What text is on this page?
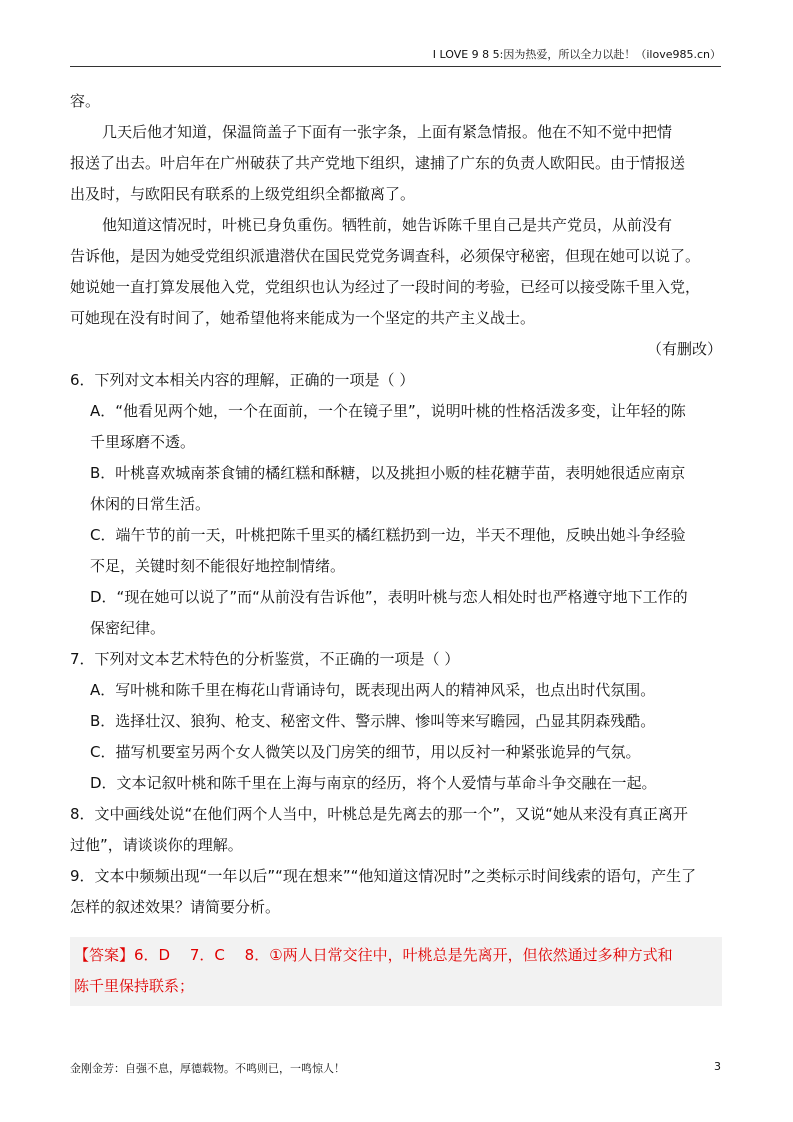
I LOVE 9 8 5:因为热爱，所以全力以赴！（ilove985.cn）

容。

几天后他才知道，保温筒盖子下面有一张字条，上面有紧急情报。他在不知不觉中把情

报送了出去。叶启年在广州破获了共产党地下组织，逮捕了广东的负责人欧阳民。由于情报送

出及时，与欧阳民有联系的上级党组织全都撤离了。

他知道这情况时，叶桃已身负重伤。牺牲前，她告诉陈千里自己是共产党员，从前没有

告诉他，是因为她受党组织派遣潜伏在国民党党务调查科，必须保守秘密，但现在她可以说了。

她说她一直打算发展他入党，党组织也认为经过了一段时间的考验，已经可以接受陈千里入党，

可她现在没有时间了，她希望他将来能成为一个坚定的共产主义战士。

（有删改）

6．下列对文本相关内容的理解，正确的一项是（ ）

A．“他看见两个她，一个在面前，一个在镜子里”，说明叶桃的性格活泼多变，让年轻的陈

千里琢磨不透。

B．叶桃喜欢城南茶食铺的橘红糕和酥糖，以及挑担小贩的桂花糖芋苗，表明她很适应南京

休闲的日常生活。

C．端午节的前一天，叶桃把陈千里买的橘红糕扔到一边，半天不理他，反映出她斗争经验

不足，关键时刻不能很好地控制情绪。

D．“现在她可以说了”而“从前没有告诉他”，表明叶桃与恋人相处时也严格遵守地下工作的

保密纪律。

7．下列对文本艺术特色的分析鉴赏，不正确的一项是（ ）

A．写叶桃和陈千里在梅花山背诵诗句，既表现出两人的精神风采，也点出时代氛围。

B．选择壮汉、狼狗、枪支、秘密文件、警示牌、惨叫等来写瞻园，凸显其阴森残酷。

C．描写机要室另两个女人微笑以及门房笑的细节，用以反衬一种紧张诡异的气氛。

D．文本记叙叶桃和陈千里在上海与南京的经历，将个人爱情与革命斗争交融在一起。

8．文中画线处说“在他们两个人当中，叶桃总是先离去的那一个”，又说“她从来没有真正离开

过他”，请谈谈你的理解。

9．文本中频频出现“一年以后”“现在想来”“他知道这情况时”之类标示时间线索的语句，产生了

怎样的叙述效果？请简要分析。

【答案】6．D　 7．C　 8．①两人日常交往中，叶桃总是先离开，但依然通过多种方式和
陈千里保持联系；
金刚金芳：自强不息，厚德载物。不鸣则已，一鸣惊人！	3
